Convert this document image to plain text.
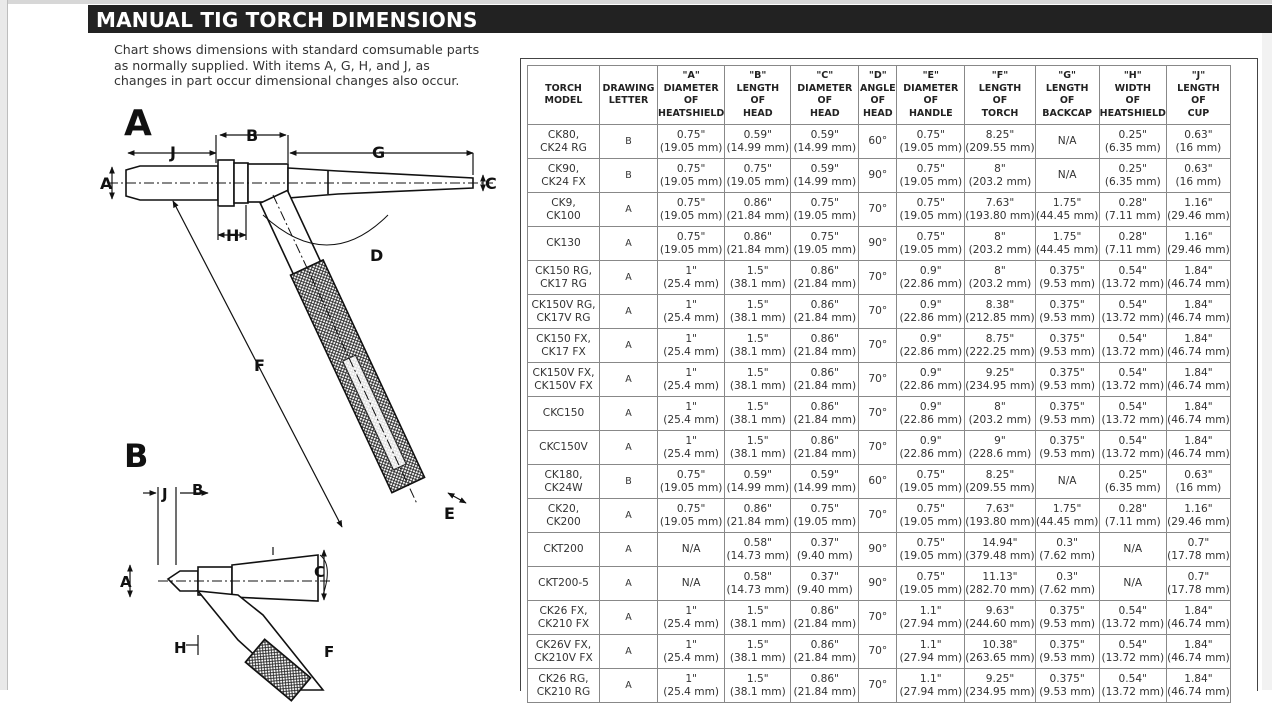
MANUAL TIG TORCH DIMENSIONS
Chart shows dimensions with standard comsumable parts
as normally supplied. With items A, G, H, and J, as
changes in part occur dimensional changes also occur.
A
J
B
G
A	C
H
D
F
E
B
J B
A
C
H	F
TORCH
MODEL	DRAWING
LETTER	"A"
DIAMETER
OF
HEATSHIELD	"B"
LENGTH
OF
HEAD	"C"
DIAMETER
OF
HEAD	"D"
ANGLE
OF
HEAD	"E"
DIAMETER
OF
HANDLE	"F"
LENGTH
OF
TORCH	"G"
LENGTH
OF
BACKCAP	"H"
WIDTH
OF
HEATSHIELD	"J"
LENGTH
OF
CUP

CK80,
CK24 RG	B	0.75"
(19.05 mm)	0.59"
(14.99 mm)	0.59"
(14.99 mm)	60°	0.75"
(19.05 mm)	8.25"
(209.55 mm)	N/A	0.25"
(6.35 mm)	0.63"
(16 mm)

CK90,
CK24 FX	B	0.75"
(19.05 mm)	0.75"
(19.05 mm)	0.59"
(14.99 mm)	90°	0.75"
(19.05 mm)	8"
(203.2 mm)	N/A	0.25"
(6.35 mm)	0.63"
(16 mm)

CK9,
CK100	A	0.75"
(19.05 mm)	0.86"
(21.84 mm)	0.75"
(19.05 mm)	70°	0.75"
(19.05 mm)	7.63"
(193.80 mm)	1.75"
(44.45 mm)	0.28"
(7.11 mm)	1.16"
(29.46 mm)

CK130	A	0.75"
(19.05 mm)	0.86"
(21.84 mm)	0.75"
(19.05 mm)	90°	0.75"
(19.05 mm)	8"
(203.2 mm)	1.75"
(44.45 mm)	0.28"
(7.11 mm)	1.16"
(29.46 mm)

CK150 RG,
CK17 RG	A	1"
(25.4 mm)	1.5"
(38.1 mm)	0.86"
(21.84 mm)	70°	0.9"
(22.86 mm)	8"
(203.2 mm)	0.375"
(9.53 mm)	0.54"
(13.72 mm)	1.84"
(46.74 mm)

CK150V RG,
CK17V RG	A	1"
(25.4 mm)	1.5"
(38.1 mm)	0.86"
(21.84 mm)	70°	0.9"
(22.86 mm)	8.38"
(212.85 mm)	0.375"
(9.53 mm)	0.54"
(13.72 mm)	1.84"
(46.74 mm)

CK150 FX,
CK17 FX	A	1"
(25.4 mm)	1.5"
(38.1 mm)	0.86"
(21.84 mm)	70°	0.9"
(22.86 mm)	8.75"
(222.25 mm)	0.375"
(9.53 mm)	0.54"
(13.72 mm)	1.84"
(46.74 mm)

CK150V FX,
CK150V FX	A	1"
(25.4 mm)	1.5"
(38.1 mm)	0.86"
(21.84 mm)	70°	0.9"
(22.86 mm)	9.25"
(234.95 mm)	0.375"
(9.53 mm)	0.54"
(13.72 mm)	1.84"
(46.74 mm)

CKC150	A	1"
(25.4 mm)	1.5"
(38.1 mm)	0.86"
(21.84 mm)	70°	0.9"
(22.86 mm)	8"
(203.2 mm)	0.375"
(9.53 mm)	0.54"
(13.72 mm)	1.84"
(46.74 mm)

CKC150V	A	1"
(25.4 mm)	1.5"
(38.1 mm)	0.86"
(21.84 mm)	70°	0.9"
(22.86 mm)	9"
(228.6 mm)	0.375"
(9.53 mm)	0.54"
(13.72 mm)	1.84"
(46.74 mm)

CK180,
CK24W	B	0.75"
(19.05 mm)	0.59"
(14.99 mm)	0.59"
(14.99 mm)	60°	0.75"
(19.05 mm)	8.25"
(209.55 mm)	N/A	0.25"
(6.35 mm)	0.63"
(16 mm)

CK20,
CK200	A	0.75"
(19.05 mm)	0.86"
(21.84 mm)	0.75"
(19.05 mm)	70°	0.75"
(19.05 mm)	7.63"
(193.80 mm)	1.75"
(44.45 mm)	0.28"
(7.11 mm)	1.16"
(29.46 mm)

CKT200	A	N/A	0.58"
(14.73 mm)	0.37"
(9.40 mm)	90°	0.75"
(19.05 mm)	14.94"
(379.48 mm)	0.3"
(7.62 mm)	N/A	0.7"
(17.78 mm)

CKT200-5	A	N/A	0.58"
(14.73 mm)	0.37"
(9.40 mm)	90°	0.75"
(19.05 mm)	11.13"
(282.70 mm)	0.3"
(7.62 mm)	N/A	0.7"
(17.78 mm)

CK26 FX,
CK210 FX	A	1"
(25.4 mm)	1.5"
(38.1 mm)	0.86"
(21.84 mm)	70°	1.1"
(27.94 mm)	9.63"
(244.60 mm)	0.375"
(9.53 mm)	0.54"
(13.72 mm)	1.84"
(46.74 mm)

CK26V FX,
CK210V FX	A	1"
(25.4 mm)	1.5"
(38.1 mm)	0.86"
(21.84 mm)	70°	1.1"
(27.94 mm)	10.38"
(263.65 mm)	0.375"
(9.53 mm)	0.54"
(13.72 mm)	1.84"
(46.74 mm)

CK26 RG,
CK210 RG	A	1"
(25.4 mm)	1.5"
(38.1 mm)	0.86"
(21.84 mm)	70°	1.1"
(27.94 mm)	9.25"
(234.95 mm)	0.375"
(9.53 mm)	0.54"
(13.72 mm)	1.84"
(46.74 mm)
